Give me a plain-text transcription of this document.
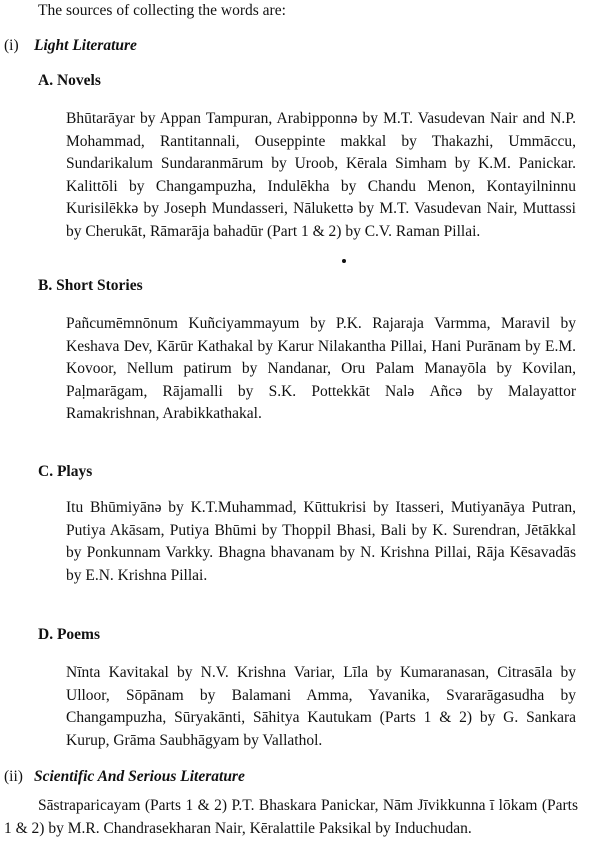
The sources of collecting the words are:
(i) Light Literature
A. Novels
Bhūtarāyar by Appan Tampuran, Arabipponnә by M.T. Vasudevan Nair and N.P. Mohammad, Rantitannali, Ouseppinte makkal by Thakazhi, Ummāccu, Sundarikalum Sundaranmārum by Uroob, Kērala Simham by K.M. Panickar. Kalittōli by Changampuzha, Indulēkha by Chandu Menon, Kontayilninnu Kurisilēkkә by Joseph Mundasseri, Nālukettә by M.T. Vasudevan Nair, Muttassi by Cherukāt, Rāmarāja bahadūr (Part 1 & 2) by C.V. Raman Pillai.
B. Short Stories
Pañcumēmnōnum Kuñciyammayum by P.K. Rajaraja Varmma, Maravil by Keshava Dev, Kārūr Kathakal by Karur Nilakantha Pillai, Hani Purānam by E.M. Kovoor, Nellum patirum by Nandanar, Oru Palam Manayōla by Kovilan, Paḷmarāgam, Rājamalli by S.K. Pottekkāt Nalә Añcә by Malayattor Ramakrishnan, Arabikkathakal.
C. Plays
Itu Bhūmiyānә by K.T.Muhammad, Kūttukrisi by Itasseri, Mutiyanāya Putran, Putiya Akāsam, Putiya Bhūmi by Thoppil Bhasi, Bali by K. Surendran, Jētākkal by Ponkunnam Varkky. Bhagna bhavanam by N. Krishna Pillai, Rāja Kēsavadās by E.N. Krishna Pillai.
D. Poems
Nīnta Kavitakal by N.V. Krishna Variar, Līla by Kumaranasan, Citrasāla by Ulloor, Sōpānam by Balamani Amma, Yavanika, Svararāgasudha by Changampuzha, Sūryakānti, Sāhitya Kautukam (Parts 1 & 2) by G. Sankara Kurup, Grāma Saubhāgyam by Vallathol.
(ii) Scientific And Serious Literature
Sāstraparicayam (Parts 1 & 2) P.T. Bhaskara Panickar, Nām Jīvikkunna ī lōkam (Parts 1 & 2) by M.R. Chandrasekharan Nair, Kēralattile Paksikal by Induchudan.
